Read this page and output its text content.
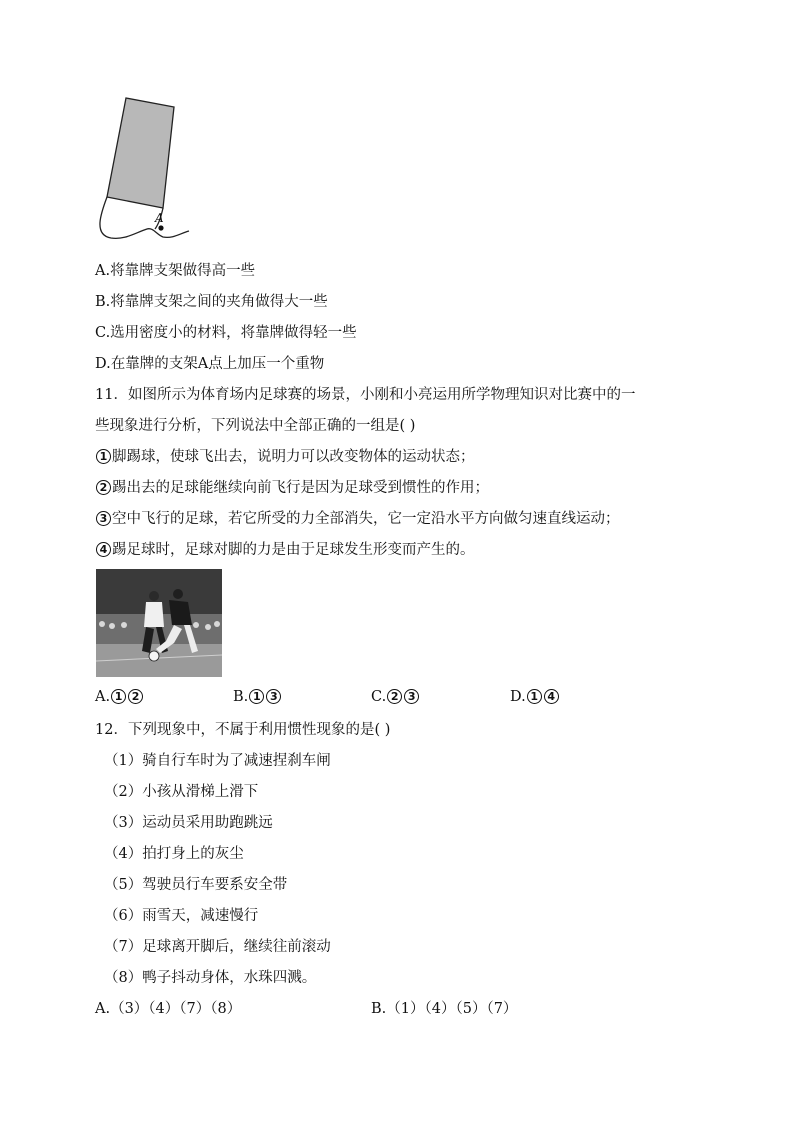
A
A.将靠牌支架做得高一些
B.将靠牌支架之间的夹角做得大一些
C.选用密度小的材料，将靠牌做得轻一些
D.在靠牌的支架A点上加压一个重物
11．如图所示为体育场内足球赛的场景，小刚和小亮运用所学物理知识对比赛中的一
些现象进行分析，下列说法中全部正确的一组是( )
1 脚踢球，使球飞出去，说明力可以改变物体的运动状态；
2 踢出去的足球能继续向前飞行是因为足球受到惯性的作用；
3 空中飞行的足球，若它所受的力全部消失，它一定沿水平方向做匀速直线运动；
4 踢足球时，足球对脚的力是由于足球发生形变而产生的。
A. 1 2	B. 1 3	C. 2 3	D. 1 4
12．下列现象中，不属于利用惯性现象的是( )
（1）骑自行车时为了减速捏刹车闸
（2）小孩从滑梯上滑下
（3）运动员采用助跑跳远
（4）拍打身上的灰尘
（5）驾驶员行车要系安全带
（6）雨雪天，减速慢行
（7）足球离开脚后，继续往前滚动
（8）鸭子抖动身体，水珠四溅。
A.（3）（4）（7）（8）	B.（1）（4）（5）（7）
